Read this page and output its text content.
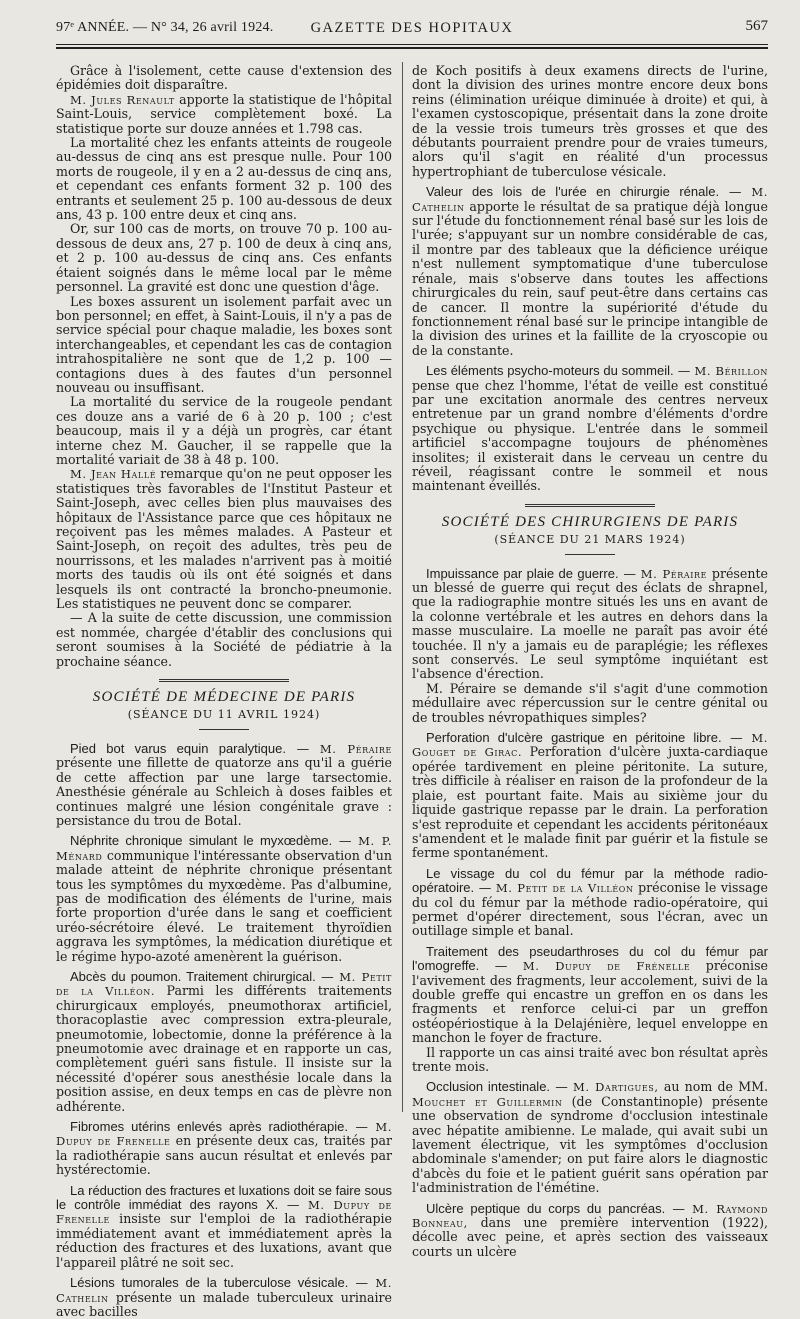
97ᵉ ANNÉE. — N° 34, 26 avril 1924.	GAZETTE DES HOPITAUX	567

Grâce à l'isolement, cette cause d'extension des épidémies doit disparaître.

M. Jules Renault apporte la statistique de l'hôpital Saint-Louis, service complètement boxé. La statistique porte sur douze années et 1.798 cas.

La mortalité chez les enfants atteints de rougeole au-dessus de cinq ans est presque nulle. Pour 100 morts de rougeole, il y en a 2 au-dessus de cinq ans, et cependant ces enfants forment 32 p. 100 des entrants et seulement 25 p. 100 au-dessous de deux ans, 43 p. 100 entre deux et cinq ans.

Or, sur 100 cas de morts, on trouve 70 p. 100 au-dessous de deux ans, 27 p. 100 de deux à cinq ans, et 2 p. 100 au-dessus de cinq ans. Ces enfants étaient soignés dans le même local par le même personnel. La gravité est donc une question d'âge.

Les boxes assurent un isolement parfait avec un bon personnel; en effet, à Saint-Louis, il n'y a pas de service spécial pour chaque maladie, les boxes sont interchangeables, et cependant les cas de contagion intrahospitalière ne sont que de 1,2 p. 100 — contagions dues à des fautes d'un personnel nouveau ou insuffisant.

La mortalité du service de la rougeole pendant ces douze ans a varié de 6 à 20 p. 100 ; c'est beaucoup, mais il y a déjà un progrès, car étant interne chez M. Gaucher, il se rappelle que la mortalité variait de 38 à 48 p. 100.

M. Jean Hallé remarque qu'on ne peut opposer les statistiques très favorables de l'Institut Pasteur et Saint-Joseph, avec celles bien plus mauvaises des hôpitaux de l'Assistance parce que ces hôpitaux ne reçoivent pas les mêmes malades. A Pasteur et Saint-Joseph, on reçoit des adultes, très peu de nourrissons, et les malades n'arrivent pas à moitié morts des taudis où ils ont été soignés et dans lesquels ils ont contracté la broncho-pneumonie. Les statistiques ne peuvent donc se comparer.

— A la suite de cette discussion, une commission est nommée, chargée d'établir des conclusions qui seront soumises à la Société de pédiatrie à la prochaine séance.

SOCIÉTÉ DE MÉDECINE DE PARIS

(SÉANCE DU 11 AVRIL 1924)

Pied bot varus equin paralytique. — M. Péraire présente une fillette de quatorze ans qu'il a guérie de cette affection par une large tarsectomie. Anesthésie générale au Schleich à doses faibles et continues malgré une lésion congénitale grave : persistance du trou de Botal.

Néphrite chronique simulant le myxœdème. — M. P. Ménard communique l'intéressante observation d'un malade atteint de néphrite chronique présentant tous les symptômes du myxœdème. Pas d'albumine, pas de modification des éléments de l'urine, mais forte proportion d'urée dans le sang et coefficient uréo-sécrétoire élevé. Le traitement thyroïdien aggrava les symptômes, la médication diurétique et le régime hypo-azoté amenèrent la guérison.

Abcès du poumon. Traitement chirurgical. — M. Petit de la Villéon. Parmi les différents traitements chirurgicaux employés, pneumothorax artificiel, thoracoplastie avec compression extra-pleurale, pneumotomie, lobectomie, donne la préférence à la pneumotomie avec drainage et en rapporte un cas, complètement guéri sans fistule. Il insiste sur la nécessité d'opérer sous anesthésie locale dans la position assise, en deux temps en cas de plèvre non adhérente.

Fibromes utérins enlevés après radiothérapie. — M. Dupuy de Frenelle en présente deux cas, traités par la radiothérapie sans aucun résultat et enlevés par hystérectomie.

La réduction des fractures et luxations doit se faire sous le contrôle immédiat des rayons X. — M. Dupuy de Frenelle insiste sur l'emploi de la radiothérapie immédiatement avant et immédiatement après la réduction des fractures et des luxations, avant que l'appareil plâtré ne soit sec.

Lésions tumorales de la tuberculose vésicale. — M. Cathelin présente un malade tuberculeux urinaire avec bacilles

de Koch positifs à deux examens directs de l'urine, dont la division des urines montre encore deux bons reins (élimination uréique diminuée à droite) et qui, à l'examen cystoscopique, présentait dans la zone droite de la vessie trois tumeurs très grosses et que des débutants pourraient prendre pour de vraies tumeurs, alors qu'il s'agit en réalité d'un processus hypertrophiant de tuberculose vésicale.

Valeur des lois de l'urée en chirurgie rénale. — M. Cathelin apporte le résultat de sa pratique déjà longue sur l'étude du fonctionnement rénal basé sur les lois de l'urée; s'appuyant sur un nombre considérable de cas, il montre par des tableaux que la déficience uréique n'est nullement symptomatique d'une tuberculose rénale, mais s'observe dans toutes les affections chirurgicales du rein, sauf peut-être dans certains cas de cancer. Il montre la supériorité d'étude du fonctionnement rénal basé sur le principe intangible de la division des urines et la faillite de la cryoscopie ou de la constante.

Les éléments psycho-moteurs du sommeil. — M. Bérillon pense que chez l'homme, l'état de veille est constitué par une excitation anormale des centres nerveux entretenue par un grand nombre d'éléments d'ordre psychique ou physique. L'entrée dans le sommeil artificiel s'accompagne toujours de phénomènes insolites; il existerait dans le cerveau un centre du réveil, réagissant contre le sommeil et nous maintenant éveillés.

SOCIÉTÉ DES CHIRURGIENS DE PARIS

(SÉANCE DU 21 MARS 1924)

Impuissance par plaie de guerre. — M. Péraire présente un blessé de guerre qui reçut des éclats de shrapnel, que la radiographie montre situés les uns en avant de la colonne vertébrale et les autres en dehors dans la masse musculaire. La moelle ne paraît pas avoir été touchée. Il n'y a jamais eu de paraplégie; les réflexes sont conservés. Le seul symptôme inquiétant est l'absence d'érection.

M. Péraire se demande s'il s'agit d'une commotion médullaire avec répercussion sur le centre génital ou de troubles névropathiques simples?

Perforation d'ulcère gastrique en péritoine libre. — M. Gouget de Girac. Perforation d'ulcère juxta-cardiaque opérée tardivement en pleine péritonite. La suture, très difficile à réaliser en raison de la profondeur de la plaie, est pourtant faite. Mais au sixième jour du liquide gastrique repasse par le drain. La perforation s'est reproduite et cependant les accidents péritonéaux s'amendent et le malade finit par guérir et la fistule se ferme spontanément.

Le vissage du col du fémur par la méthode radio-opératoire. — M. Petit de la Villéon préconise le vissage du col du fémur par la méthode radio-opératoire, qui permet d'opérer directement, sous l'écran, avec un outillage simple et banal.

Traitement des pseudarthroses du col du fémur par l'omogreffe. — M. Dupuy de Frénelle préconise l'avivement des fragments, leur accolement, suivi de la double greffe qui encastre un greffon en os dans les fragments et renforce celui-ci par un greffon ostéopériostique à la Delajénière, lequel enveloppe en manchon le foyer de fracture.

Il rapporte un cas ainsi traité avec bon résultat après trente mois.

Occlusion intestinale. — M. Dartigues, au nom de MM. Mouchet et Guillermin (de Constantinople) présente une observation de syndrome d'occlusion intestinale avec hépatite amibienne. Le malade, qui avait subi un lavement électrique, vit les symptômes d'occlusion abdominale s'amender; on put faire alors le diagnostic d'abcès du foie et le patient guérit sans opération par l'administration de l'émétine.

Ulcère peptique du corps du pancréas. — M. Raymond Bonneau, dans une première intervention (1922), décolle avec peine, et après section des vaisseaux courts un ulcère
